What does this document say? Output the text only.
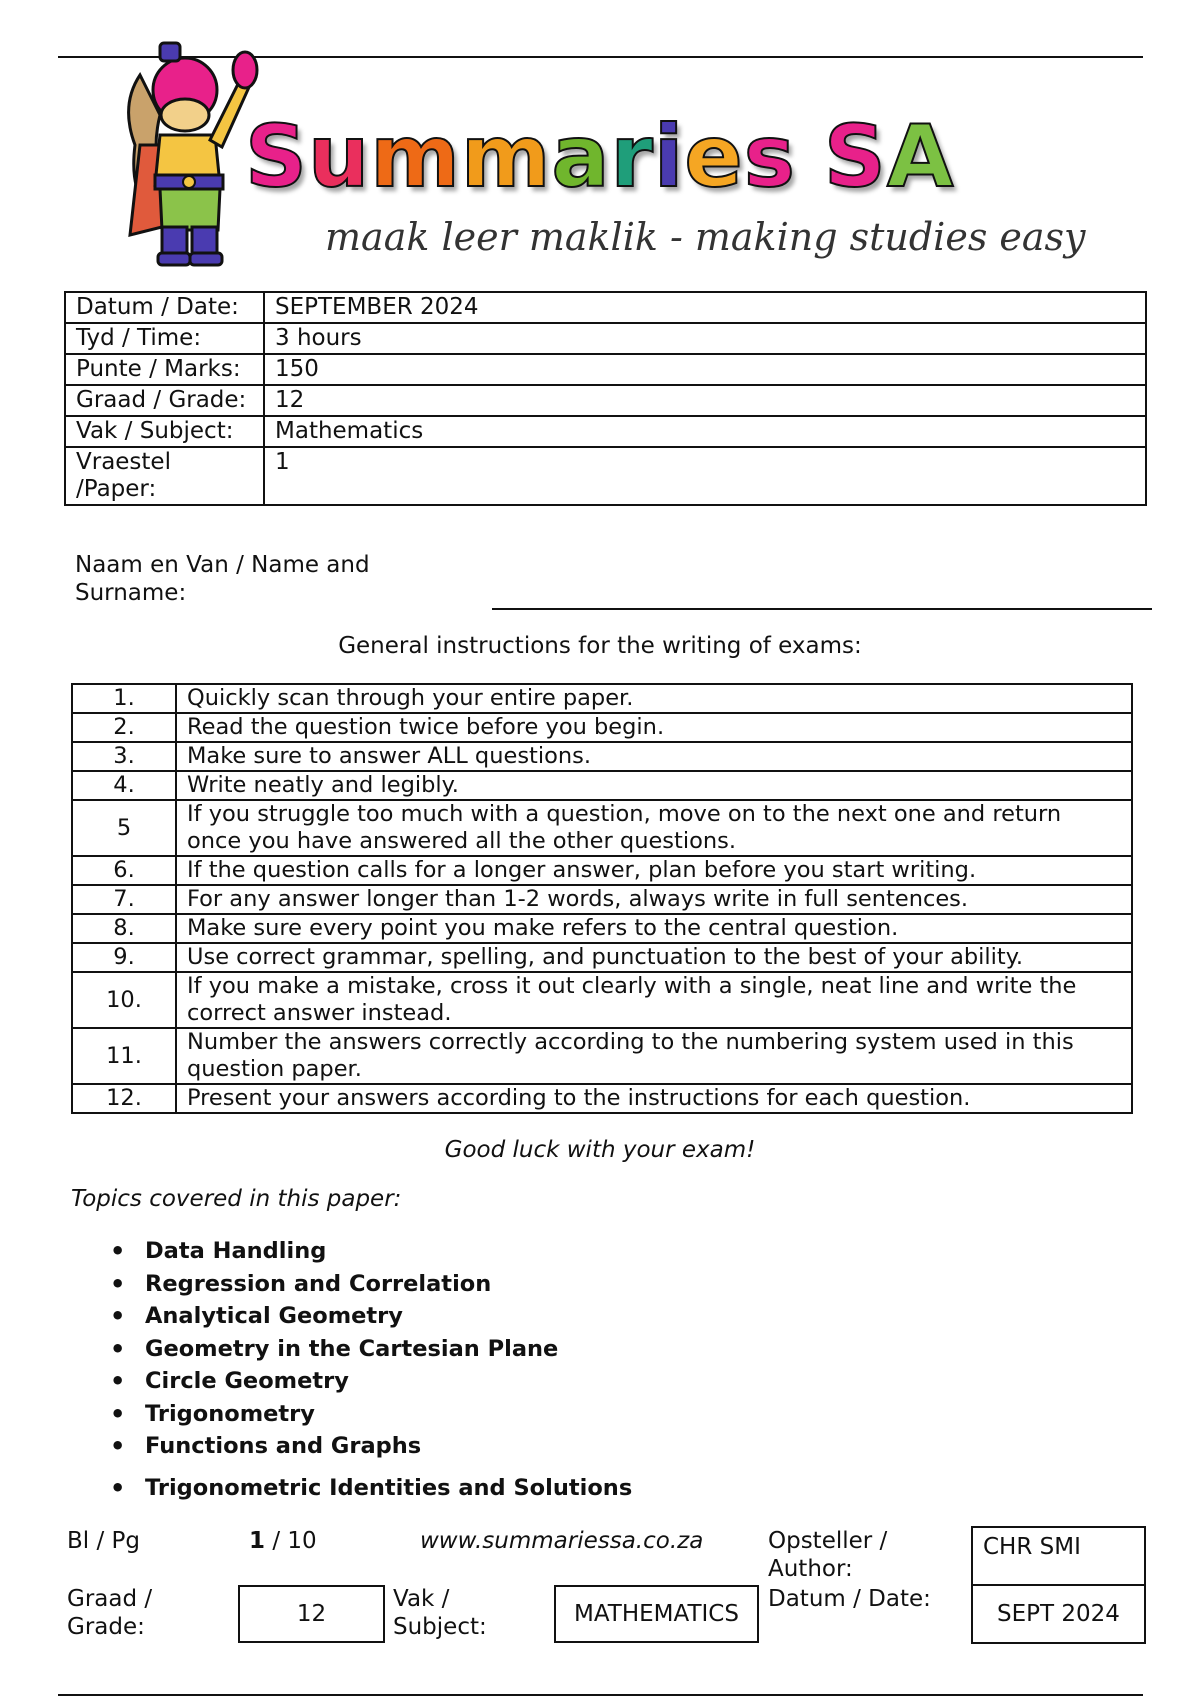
Summaries SA
maak leer maklik - making studies easy
Datum / Date:	SEPTEMBER 2024
Tyd / Time:	3 hours
Punte / Marks:	150
Graad / Grade:	12
Vak / Subject:	Mathematics
Vraestel /Paper:	1
Naam en Van / Name and Surname:
General instructions for the writing of exams:
1.	Quickly scan through your entire paper.
2.	Read the question twice before you begin.
3.	Make sure to answer ALL questions.
4.	Write neatly and legibly.
5	If you struggle too much with a question, move on to the next one and return once you have answered all the other questions.
6.	If the question calls for a longer answer, plan before you start writing.
7.	For any answer longer than 1-2 words, always write in full sentences.
8.	Make sure every point you make refers to the central question.
9.	Use correct grammar, spelling, and punctuation to the best of your ability.
10.	If you make a mistake, cross it out clearly with a single, neat line and write the correct answer instead.
11.	Number the answers correctly according to the numbering system used in this question paper.
12.	Present your answers according to the instructions for each question.
Good luck with your exam!
Topics covered in this paper:
• Data Handling
• Regression and Correlation
• Analytical Geometry
• Geometry in the Cartesian Plane
• Circle Geometry
• Trigonometry
• Functions and Graphs
• Trigonometric Identities and Solutions
Bl / Pg	1 / 10	www.summariessa.co.za	Opsteller / Author:
CHR SMI
Graad / Grade:	12
Vak / Subject:	MATHEMATICS
Datum / Date:
SEPT 2024
